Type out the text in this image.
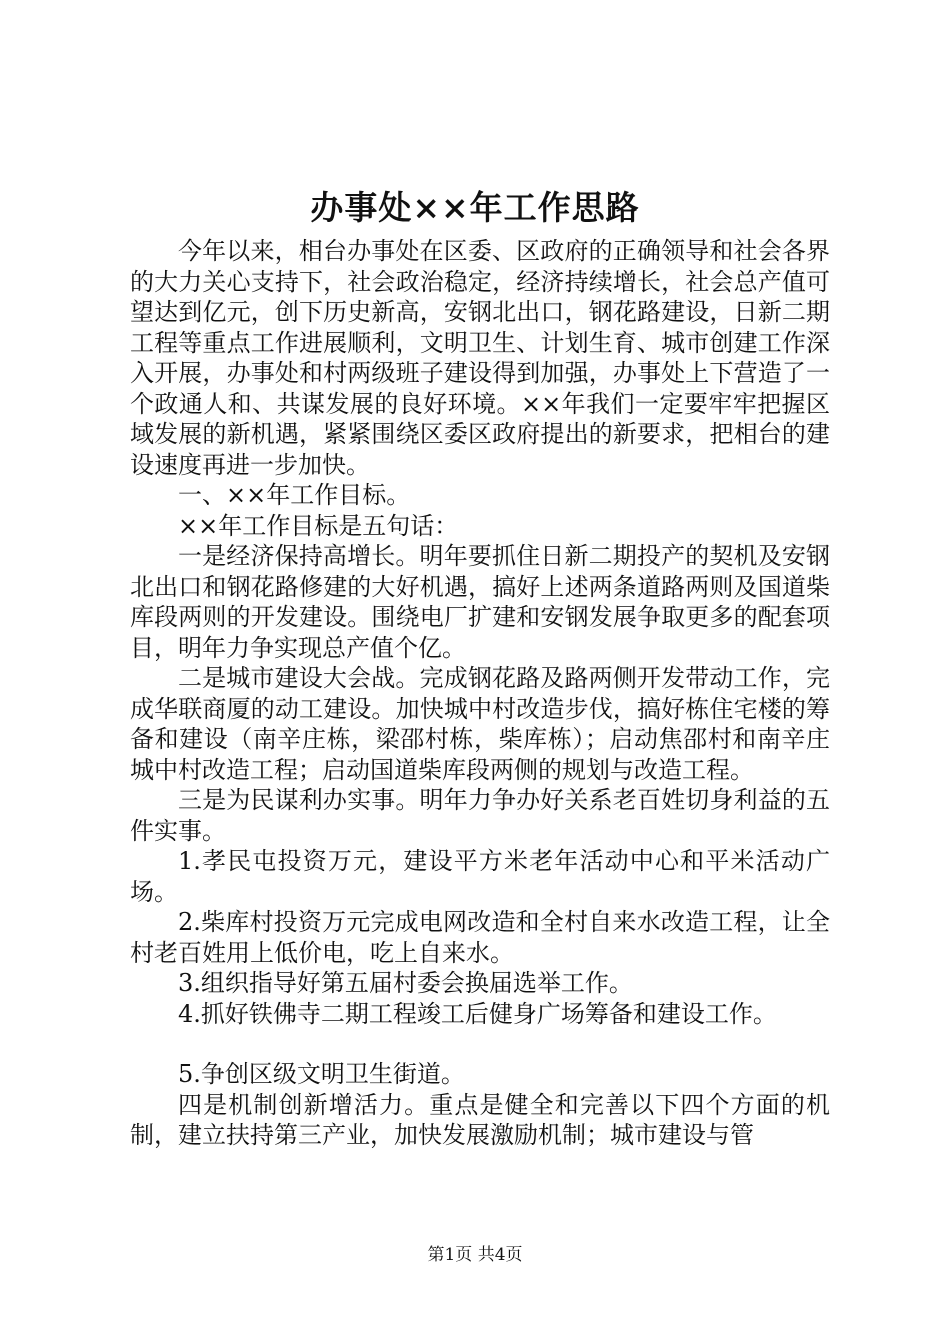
办事处××年工作思路

今年以来，相台办事处在区委、区政府的正确领导和社会各界的大力关心支持下，社会政治稳定，经济持续增长，社会总产值可望达到亿元，创下历史新高，安钢北出口，钢花路建设，日新二期工程等重点工作进展顺利，文明卫生、计划生育、城市创建工作深入开展，办事处和村两级班子建设得到加强，办事处上下营造了一个政通人和、共谋发展的良好环境。××年我们一定要牢牢把握区域发展的新机遇，紧紧围绕区委区政府提出的新要求，把相台的建设速度再进一步加快。

一、××年工作目标。

××年工作目标是五句话：

一是经济保持高增长。明年要抓住日新二期投产的契机及安钢北出口和钢花路修建的大好机遇，搞好上述两条道路两则及国道柴库段两则的开发建设。围绕电厂扩建和安钢发展争取更多的配套项目，明年力争实现总产值个亿。

二是城市建设大会战。完成钢花路及路两侧开发带动工作，完成华联商厦的动工建设。加快城中村改造步伐，搞好栋住宅楼的筹备和建设（南辛庄栋，梁邵村栋，柴库栋）；启动焦邵村和南辛庄城中村改造工程；启动国道柴库段两侧的规划与改造工程。

三是为民谋利办实事。明年力争办好关系老百姓切身利益的五件实事。

1.孝民屯投资万元，建设平方米老年活动中心和平米活动广场。

2.柴库村投资万元完成电网改造和全村自来水改造工程，让全村老百姓用上低价电，吃上自来水。

3.组织指导好第五届村委会换届选举工作。

4.抓好铁佛寺二期工程竣工后健身广场筹备和建设工作。

5.争创区级文明卫生街道。

四是机制创新增活力。重点是健全和完善以下四个方面的机制，建立扶持第三产业，加快发展激励机制；城市建设与管

第1页 共4页
